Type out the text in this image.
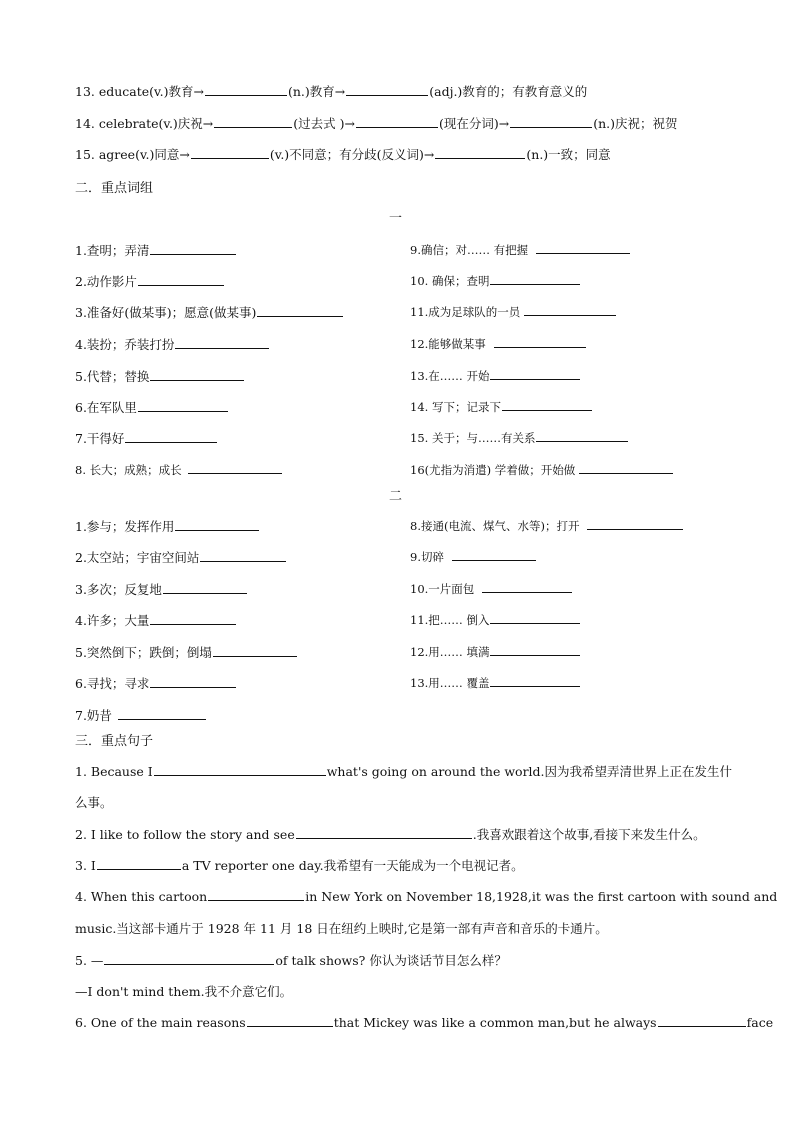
13. educate(v.)教育→	(n.)教育→	(adj.)教育的；有教育意义的
14. celebrate(v.)庆祝→	(过去式 )→	(现在分词)→	(n.)庆祝；祝贺
15. agree(v.)同意→	(v.)不同意；有分歧(反义词)→	(n.)一致；同意
二．重点词组
一
1.查明；弄清
2.动作影片
3.准备好(做某事)；愿意(做某事)
4.装扮；乔装打扮
5.代替；替换
6.在军队里
7.干得好
8. 长大；成熟；成长
9.确信；对…… 有把握
10. 确保；查明
11.成为足球队的一员
12.能够做某事
13.在…… 开始
14. 写下；记录下
15. 关于；与……有关系
16(尤指为消遣) 学着做；开始做
二
1.参与；发挥作用
2.太空站；宇宙空间站
3.多次；反复地
4.许多；大量
5.突然倒下；跌倒；倒塌
6.寻找；寻求
7.奶昔
8.接通(电流、煤气、水等)；打开
9.切碎
10.一片面包
11.把…… 倒入
12.用…… 填满
13.用…… 覆盖
三．重点句子
1. Because I	what's going on around the world.因为我希望弄清世界上正在发生什
么事。
2. I like to follow the story and see	.我喜欢跟着这个故事,看接下来发生什么。
3. I	a TV reporter one day.我希望有一天能成为一个电视记者。
4. When this cartoon	in New York on November 18,1928,it was the first cartoon with sound and
music.当这部卡通片于 1928 年 11 月 18 日在纽约上映时,它是第一部有声音和音乐的卡通片。
5. —	of talk shows? 你认为谈话节目怎么样？
—I don't mind them.我不介意它们。
6. One of the main reasons	that Mickey was like a common man,but he always	face
